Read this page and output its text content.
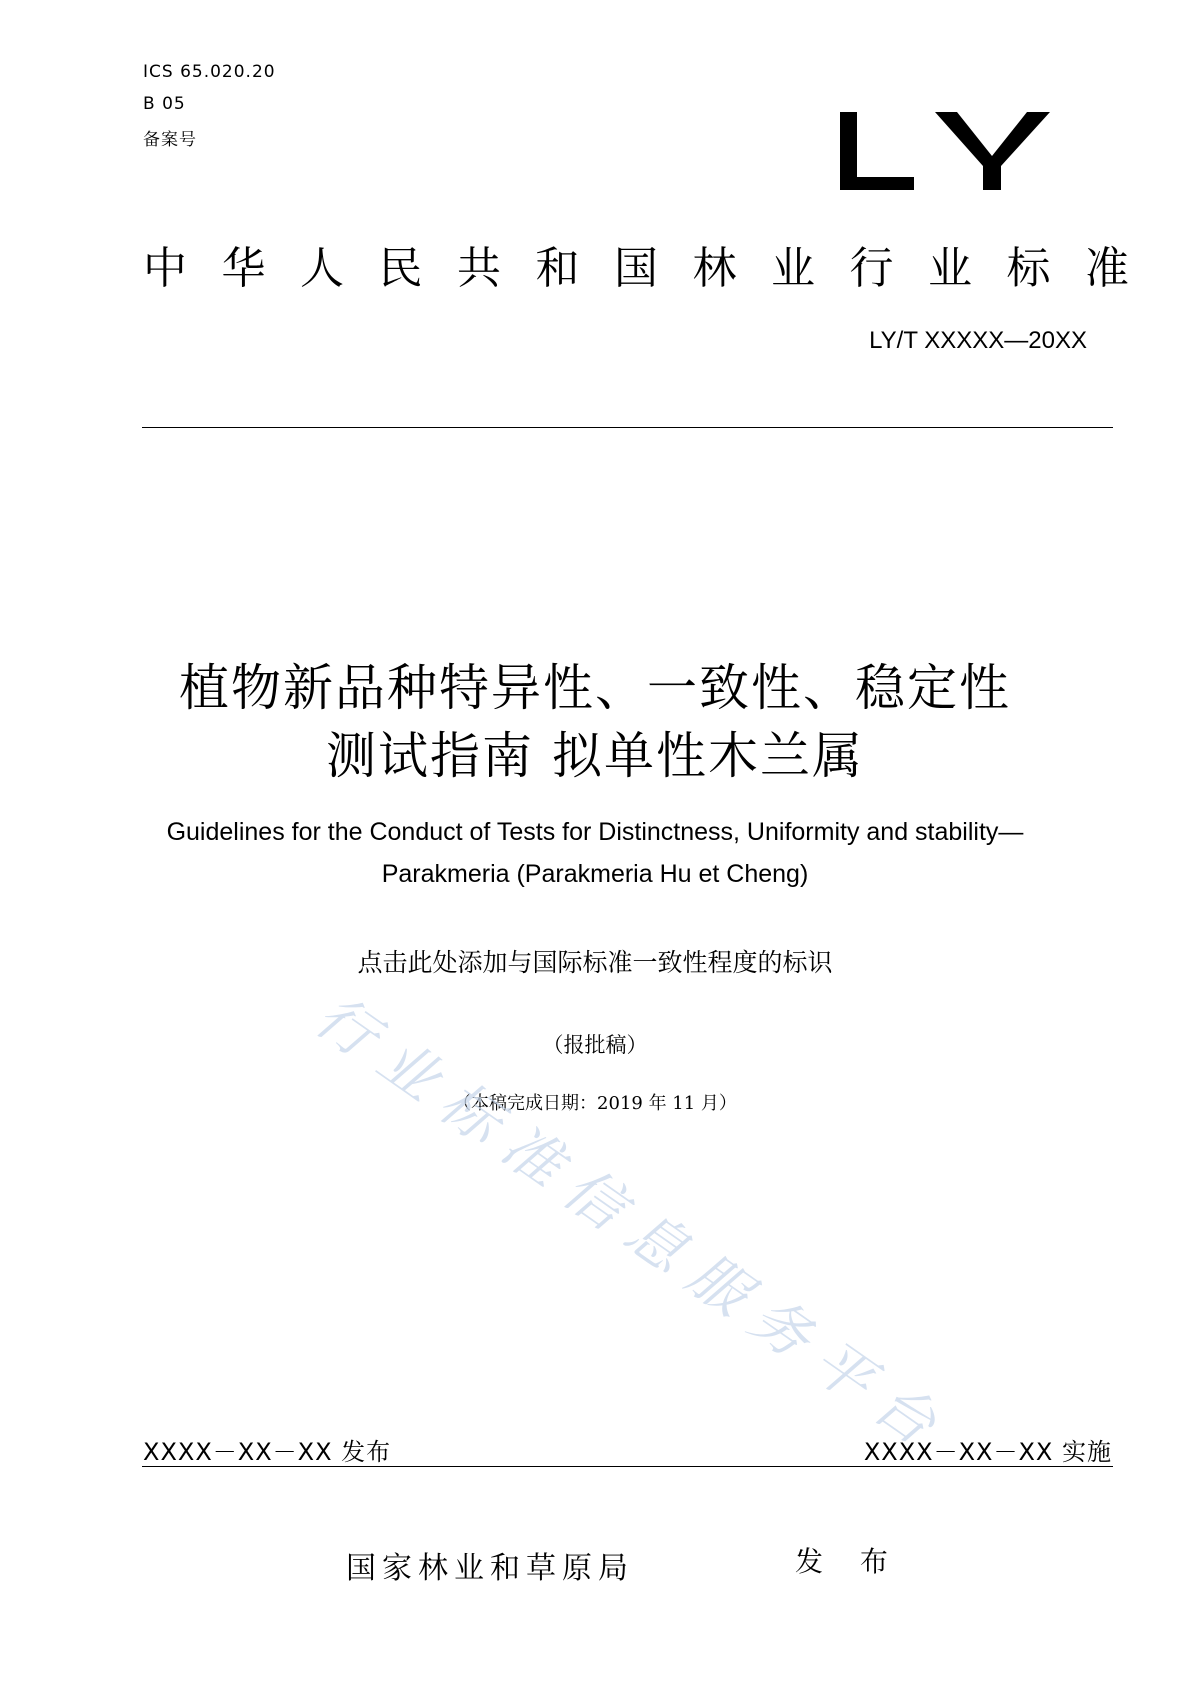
ICS 65.020.20
B 05
备案号
中华人民共和国林业行业标准
LY/T XXXXX—20XX
植物新品种特异性、一致性、稳定性
测试指南 拟单性木兰属
Guidelines for the Conduct of Tests for Distinctness, Uniformity and stability—
Parakmeria (Parakmeria Hu et Cheng)
点击此处添加与国际标准一致性程度的标识
（报批稿）
（本稿完成日期：2019 年 11 月）
行
业
标
准
信
息
服
务
平
台
XXXX－XX－XX 发布	XXXX－XX－XX 实施
国家林业和草原局	发 布
